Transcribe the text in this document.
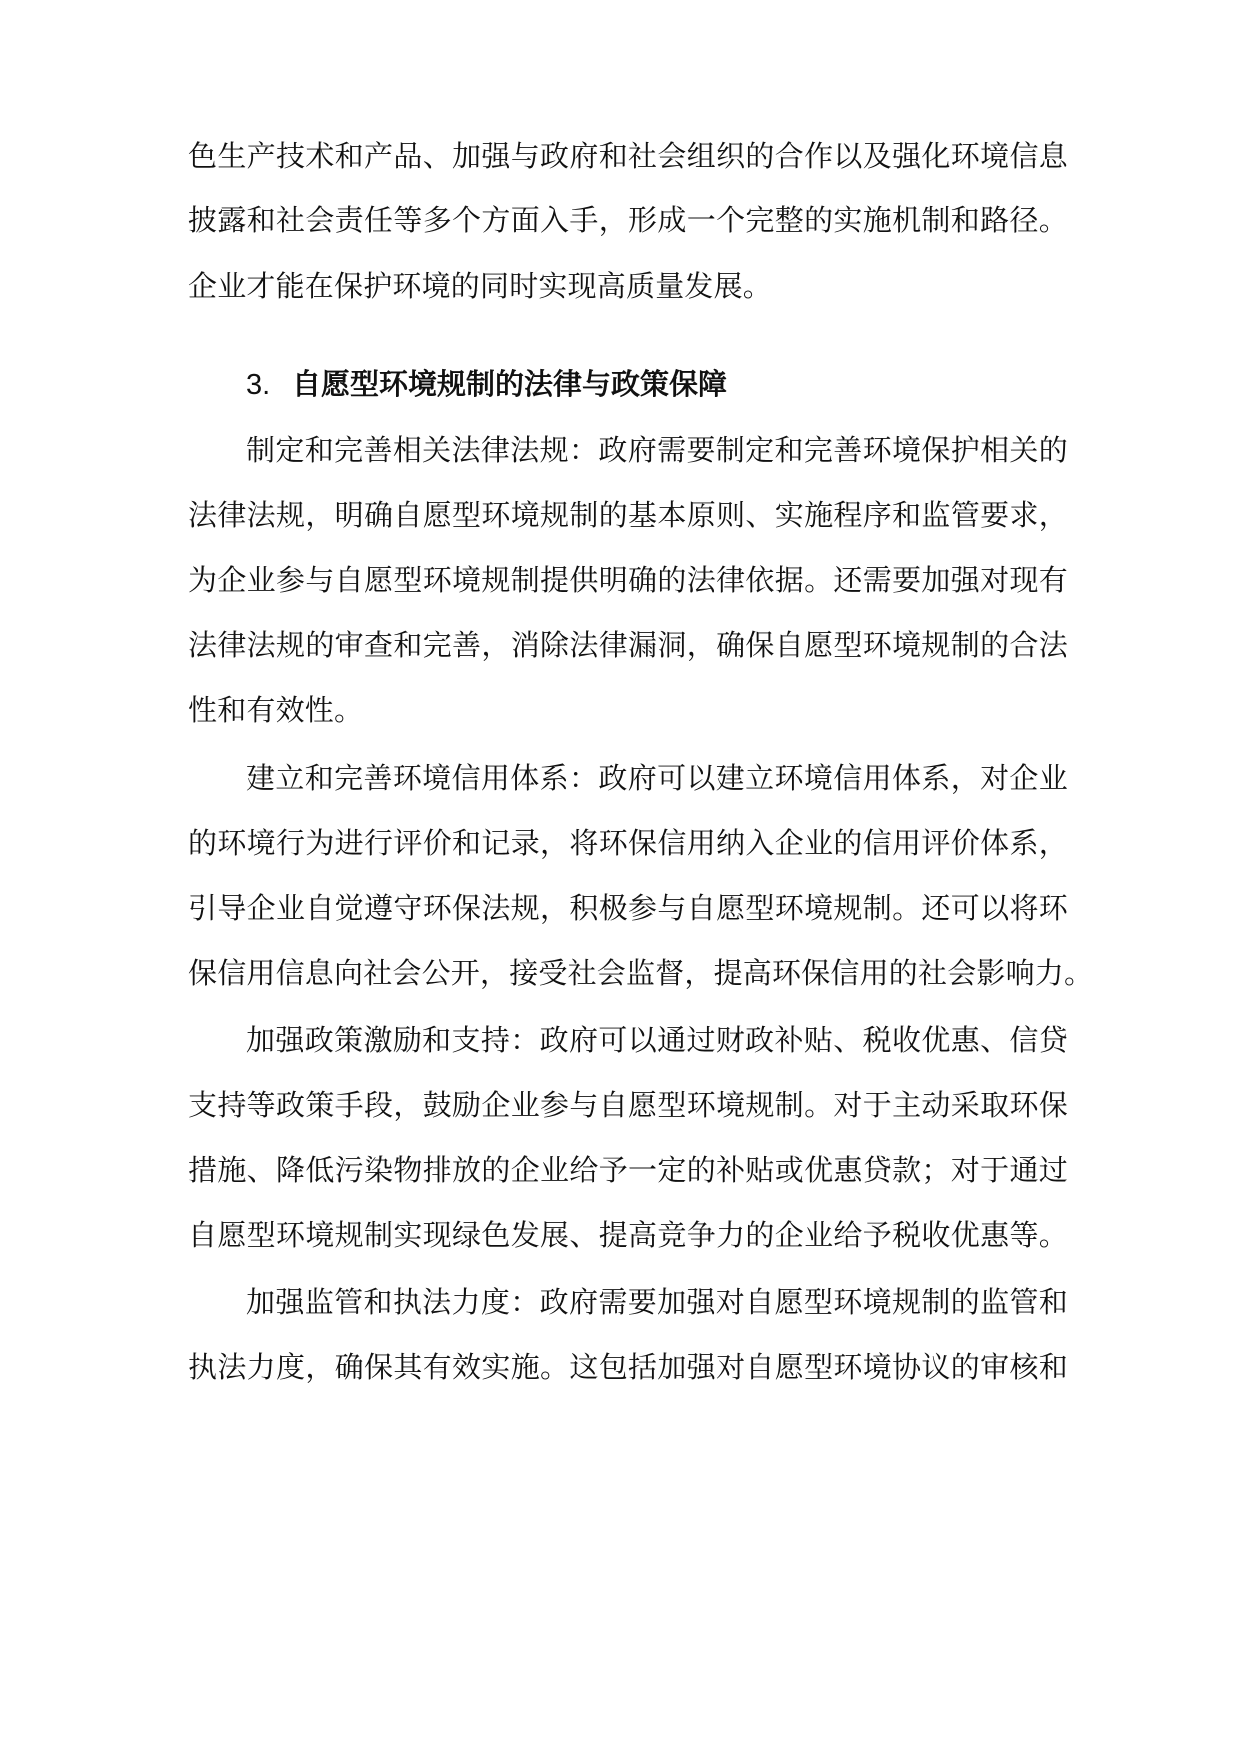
色生产技术和产品、加强与政府和社会组织的合作以及强化环境信息
披露和社会责任等多个方面入手，形成一个完整的实施机制和路径。
企业才能在保护环境的同时实现高质量发展。
3. 自愿型环境规制的法律与政策保障
制定和完善相关法律法规：政府需要制定和完善环境保护相关的
法律法规，明确自愿型环境规制的基本原则、实施程序和监管要求，
为企业参与自愿型环境规制提供明确的法律依据。还需要加强对现有
法律法规的审查和完善，消除法律漏洞，确保自愿型环境规制的合法
性和有效性。
建立和完善环境信用体系：政府可以建立环境信用体系，对企业
的环境行为进行评价和记录，将环保信用纳入企业的信用评价体系，
引导企业自觉遵守环保法规，积极参与自愿型环境规制。还可以将环
保信用信息向社会公开，接受社会监督，提高环保信用的社会影响力。
加强政策激励和支持：政府可以通过财政补贴、税收优惠、信贷
支持等政策手段，鼓励企业参与自愿型环境规制。对于主动采取环保
措施、降低污染物排放的企业给予一定的补贴或优惠贷款；对于通过
自愿型环境规制实现绿色发展、提高竞争力的企业给予税收优惠等。
加强监管和执法力度：政府需要加强对自愿型环境规制的监管和
执法力度，确保其有效实施。这包括加强对自愿型环境协议的审核和
